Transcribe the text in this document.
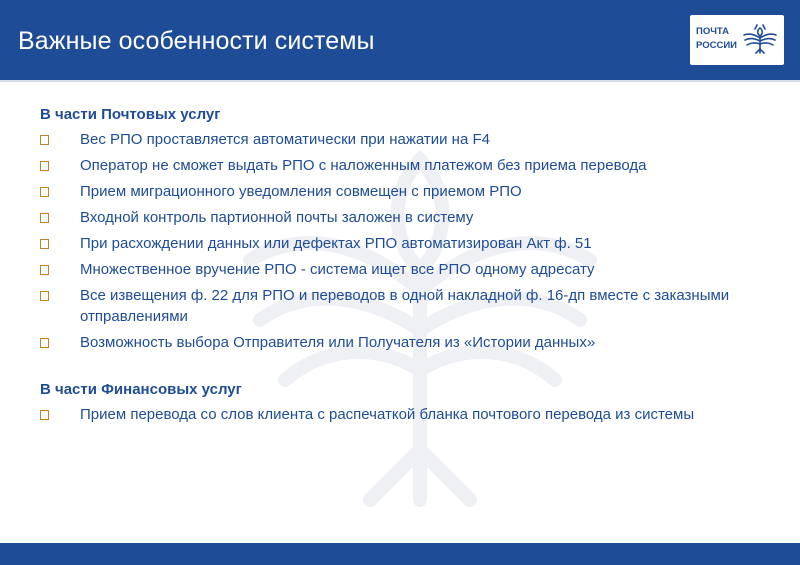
Важные особенности системы	ПОЧТА
РОССИИ
В части Почтовых услуг
Вес РПО проставляется автоматически при нажатии на F4
Оператор не сможет выдать РПО с наложенным платежом без приема перевода
Прием миграционного уведомления совмещен с приемом РПО
Входной контроль партионной почты заложен в систему
При расхождении данных или дефектах РПО автоматизирован Акт ф. 51
Множественное вручение РПО - система ищет все РПО одному адресату
Все извещения ф. 22 для РПО и переводов в одной накладной ф. 16-дп вместе с заказными отправлениями
Возможность выбора Отправителя или Получателя из «Истории данных»
В части Финансовых услуг
Прием перевода со слов клиента с распечаткой бланка почтового перевода из системы
